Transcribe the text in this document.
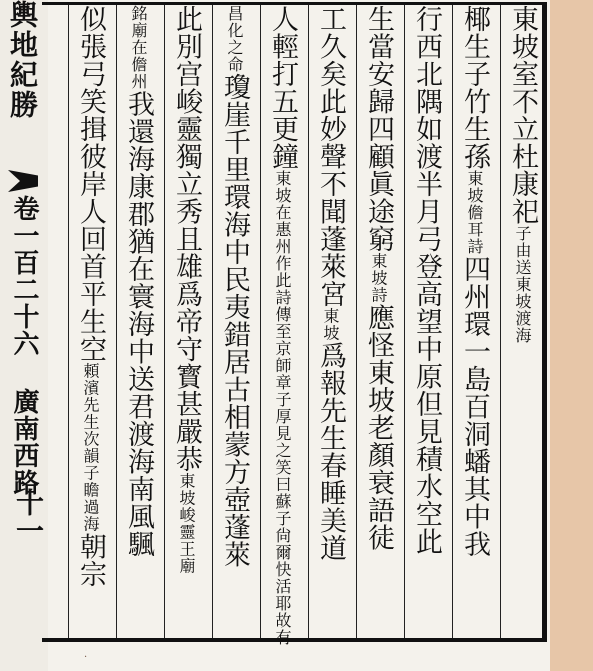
輿地紀勝
卷一百二十六 廣南西路
十一
東坡室不立杜康祀子由送東坡渡海
椰生子竹生孫東坡儋耳詩四州環一島百洞蟠其中我
行西北隅如渡半月弓登高望中原但見積水空此
生當安歸四顧眞途窮東坡詩應怪東坡老顏衰語徒
工久矣此妙聲不聞蓬萊宮東坡爲報先生春睡美道
人輕打五更鐘東坡在惠州作此詩傳至京師章子厚見之笑曰蘇子尙爾快活耶故有
昌化之命瓊崖千里環海中民夷錯居古相蒙方壺蓬萊
此別宫峻靈獨立秀且雄爲帝守寳甚嚴恭東坡峻靈王廟
銘廟在儋州我還海康郡猶在寰海中送君渡海南風颿
似張弓笑揖彼岸人回首平生空頼濱先生次韻子瞻過海朝宗
·
